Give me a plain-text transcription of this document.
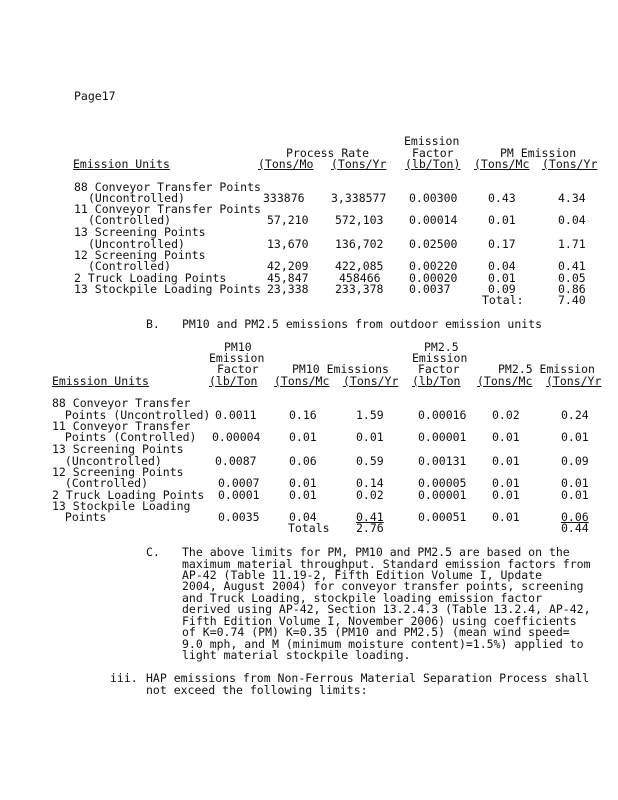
Page17
Emission
Process Rate	Factor	PM Emission
Emission Units	(Tons/Mo (Tons/Yr (lb/Ton) (Tons/Mc (Tons/Yr
88 Conveyor Transfer Points
(Uncontrolled)	333876 3,338577 0.00300	0.43	4.34
11 Conveyor Transfer Points
(Controlled)	57,210 572,103 0.00014	0.01	0.04
13 Screening Points
(Uncontrolled)	13,670 136,702 0.02500	0.17	1.71
12 Screening Points
(Controlled)	42,209 422,085 0.00220	0.04	0.41
2 Truck Loading Points	45,847	458466 0.00020	0.01	0.05
13 Stockpile Loading Points 23,338 233,378 0.0037	0.09	0.86
Total:	7.40
B. PM10 and PM2.5 emissions from outdoor emission units
PM10	PM2.5
Emission	Emission
Factor	PM10 Emissions	Factor	PM2.5 Emission
Emission Units	(lb/Ton (Tons/Mc (Tons/Yr (lb/Ton (Tons/Mc (Tons/Yr
88 Conveyor Transfer
Points (Uncontrolled) 0.0011	0.16	1.59	0.00016 0.02	0.24
11 Conveyor Transfer
Points (Controlled) 0.00004 0.01	0.01	0.00001 0.01	0.01
13 Screening Points
(Uncontrolled)	0.0087	0.06	0.59	0.00131 0.01	0.09
12 Screening Points
(Controlled)	0.0007	0.01	0.14	0.00005 0.01	0.01
2 Truck Loading Points 0.0001	0.01	0.02	0.00001 0.01	0.01
13 Stockpile Loading
Points	0.0035	0.04	0.41	0.00051 0.01	0.06
Totals 2.76	0.44
C. The above limits for PM, PM10 and PM2.5 are based on the
maximum material throughput. Standard emission factors from
AP-42 (Table 11.19-2, Fifth Edition Volume I, Update
2004, August 2004) for conveyor transfer points, screening
and Truck Loading, stockpile loading emission factor
derived using AP-42, Section 13.2.4.3 (Table 13.2.4, AP-42,
Fifth Edition Volume I, November 2006) using coefficients
of K=0.74 (PM) K=0.35 (PM10 and PM2.5) (mean wind speed=
9.0 mph, and M (minimum moisture content)=1.5%) applied to
light material stockpile loading.
iii. HAP emissions from Non-Ferrous Material Separation Process shall
not exceed the following limits:
